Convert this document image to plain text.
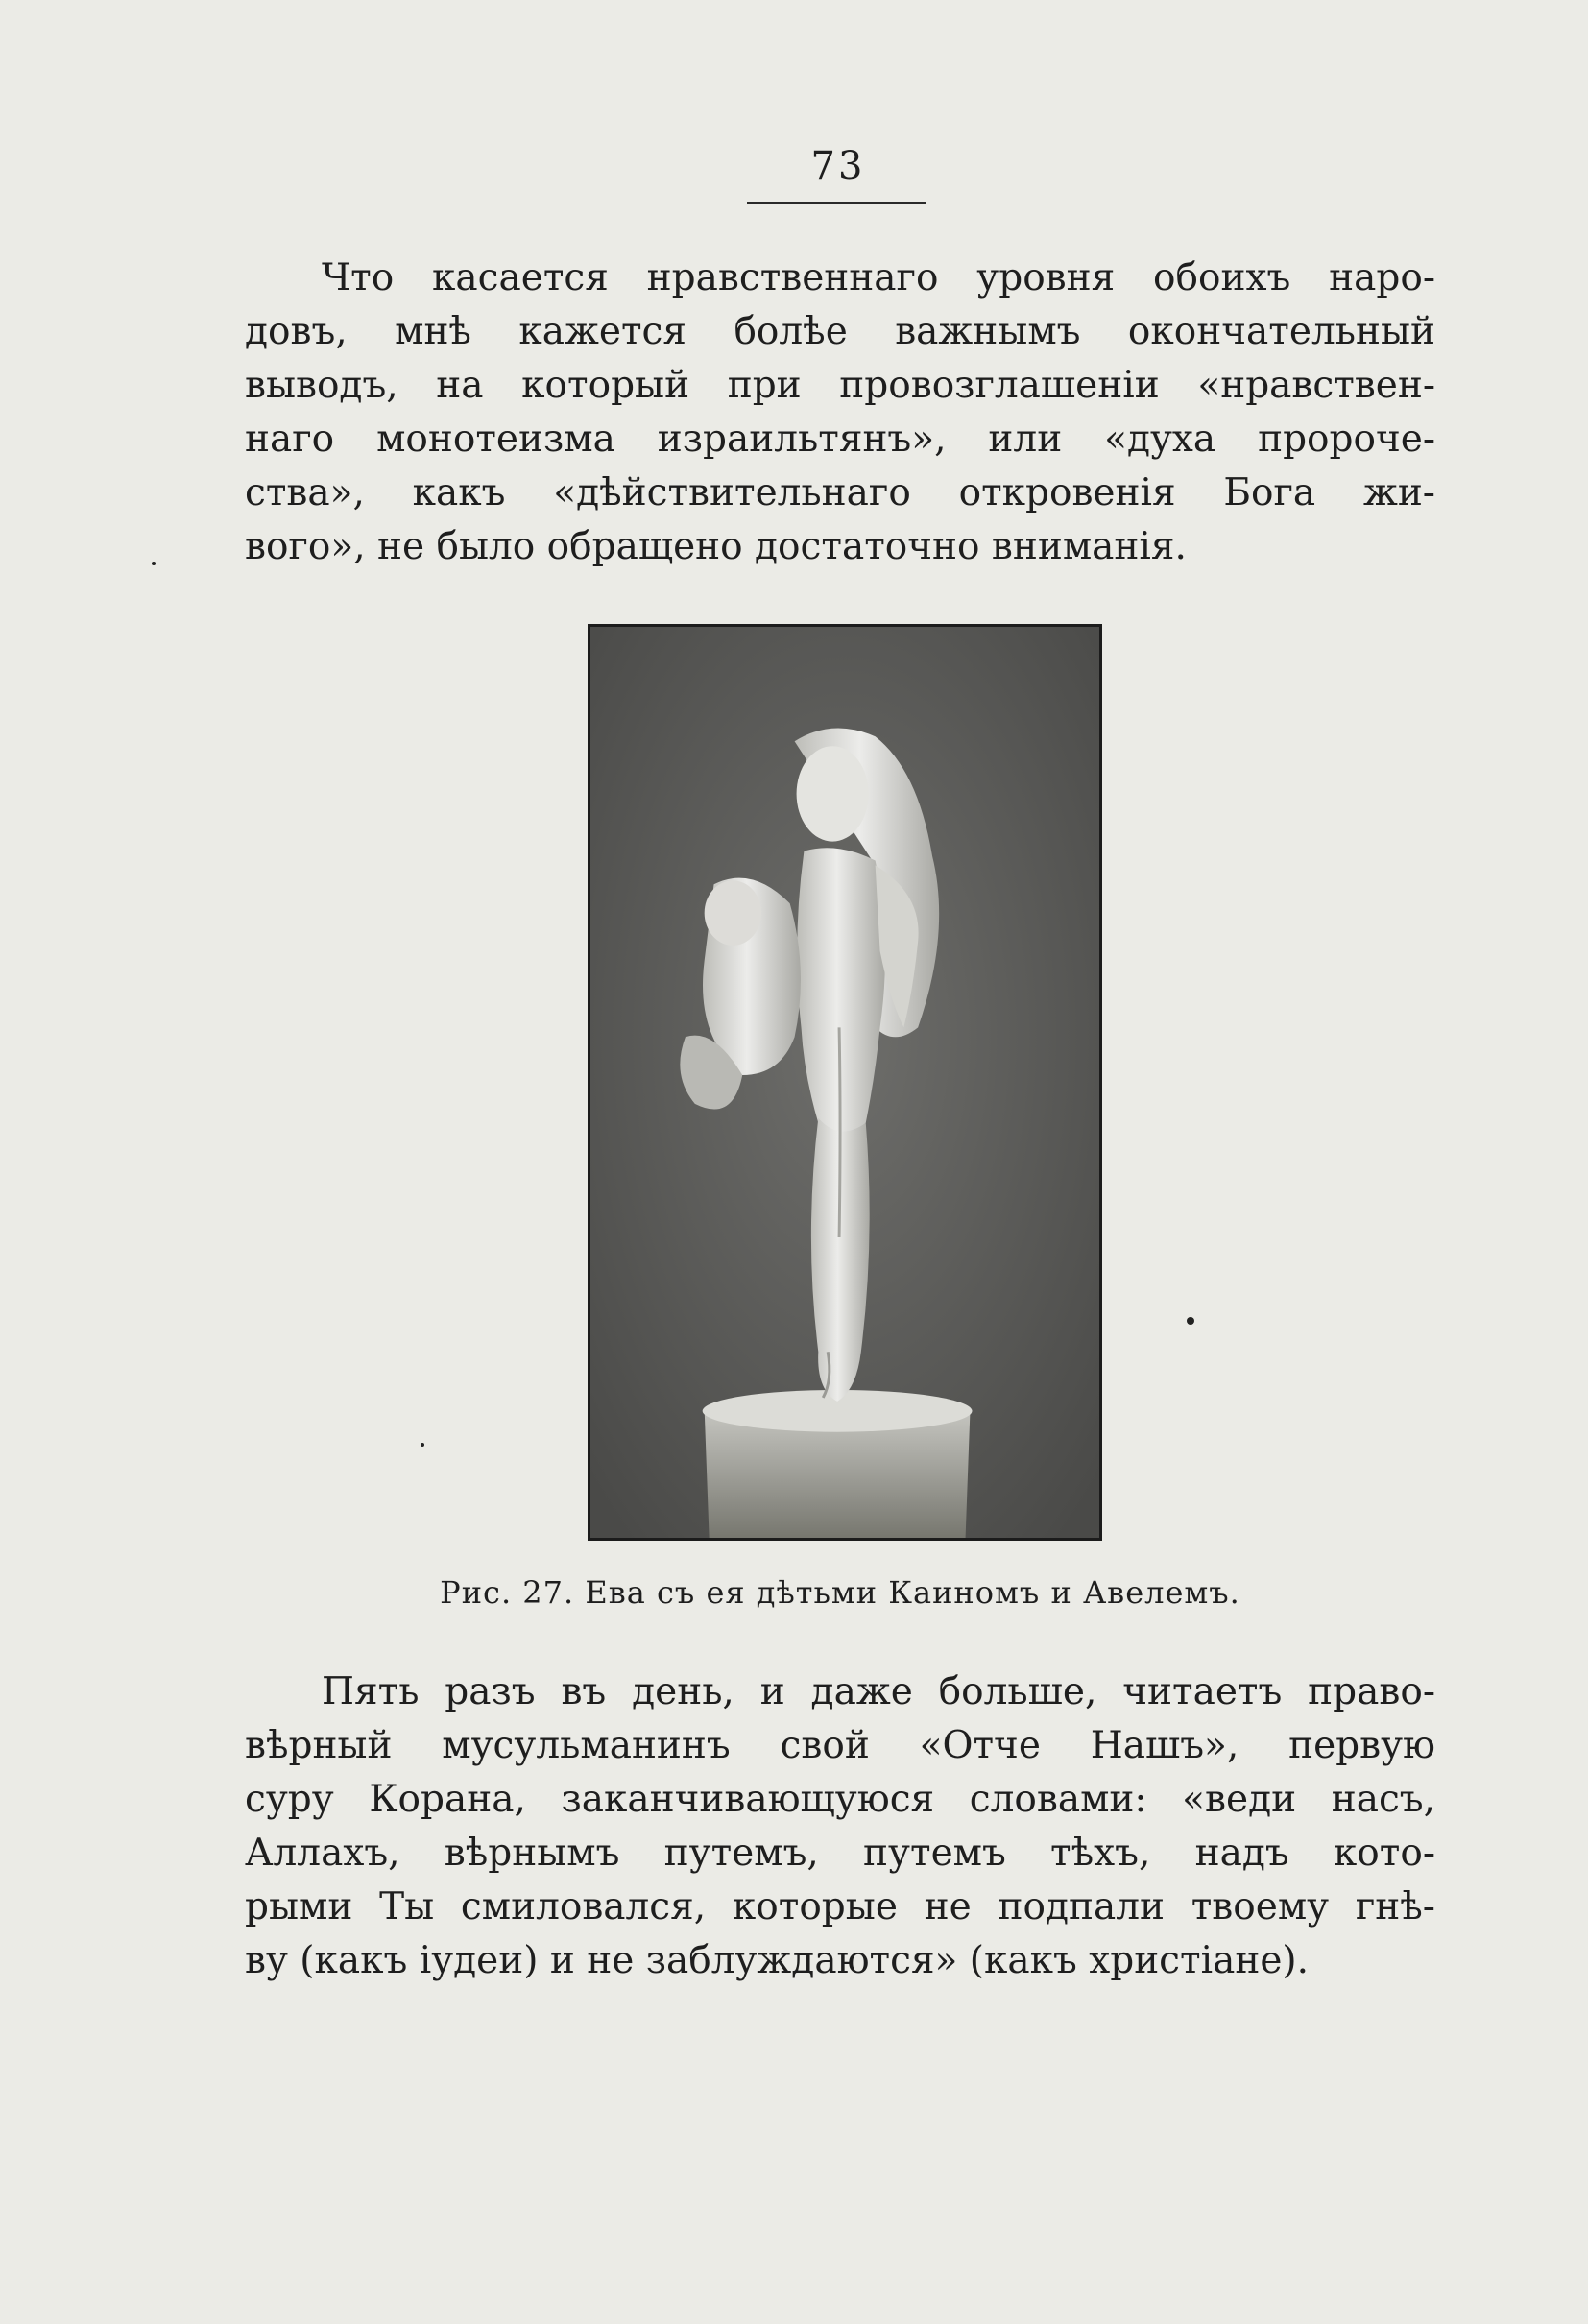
73

Что касается нравственнаго уровня обоихъ наро-
довъ, мнѣ кажется болѣе важнымъ окончательный
выводъ, на который при провозглашеніи «нравствен-
наго монотеизма израильтянъ», или «духа пророче-
ства», какъ «дѣйствительнаго откровенія Бога жи-
вого», не было обращено достаточно вниманія.

Рис. 27. Ева съ ея дѣтьми Каиномъ и Авелемъ.

Пять разъ въ день, и даже больше, читаетъ право-
вѣрный мусульманинъ свой «Отче Нашъ», первую
суру Корана, заканчивающуюся словами: «веди насъ,
Аллахъ, вѣрнымъ путемъ, путемъ тѣхъ, надъ кото-
рыми Ты смиловался, которые не подпали твоему гнѣ-
ву (какъ іудеи) и не заблуждаются» (какъ христіане).
